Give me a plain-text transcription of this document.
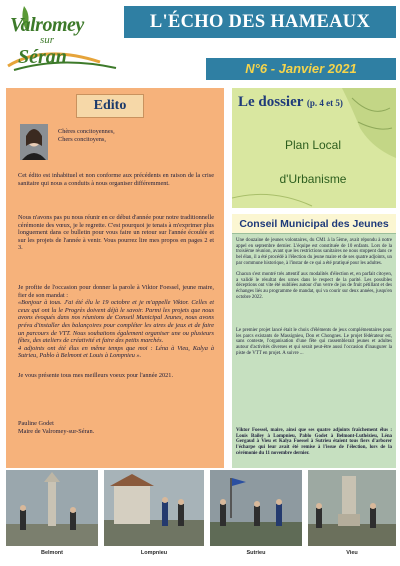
Valromey
sur
Séran
L'ÉCHO DES HAMEAUX
N°6 - Janvier 2021
Edito
Chères concitoyennes,
Chers concitoyens,
Cet édito est inhabituel et non conforme aux précédents en raison de la crise sanitaire qui nous a conduits à nous organiser différemment.
Nous n'avons pas pu nous réunir en ce début d'année pour notre traditionnelle cérémonie des vœux, je le regrette. C'est pourquoi je tenais à m'exprimer plus longuement dans ce bulletin pour vous faire un retour sur l'année écoulée et sur les projets de l'année à venir. Vous pourrez lire mes propos en pages 2 et 3.
Je profite de l'occasion pour donner la parole à Viktor Foessel, jeune maire, fier de son mandat :
«Bonjour à tous. J'ai été élu le 19 octobre et je m'appelle Viktor. Celles et ceux qui ont lu le Progrès doivent déjà le savoir. Parmi les projets que nous avons évoqués dans nos réunions de Conseil Municipal Jeunes, nous avons prévu d'installer des balançoires pour compléter les aires de jeux et de faire un parcours de VTT. Nous souhaitons également organiser une ou plusieurs fêtes, des ateliers de créativité et faire des petits marchés.
4 adjoints ont été élus en même temps que moi : Léna à Vieu, Kalya à Sutrieu, Pablo à Belmont et Louis à Lompnieu ».
Je vous présente tous mes meilleurs voeux pour l'année 2021.
Pauline Godet
Maire de Valromey-sur-Séran.
Le dossier (p. 4 et 5)
Plan Local
d'Urbanisme
Conseil Municipal des Jeunes
Une douzaine de jeunes volontaires, du CM1 à la 5ème, avait répondu à notre appel en septembre dernier. L'équipe est constituée de 10 enfants. Lors de la troisième réunion, avant que les restrictions sanitaires ne nous stoppent dans ce bel élan, il a été procédé à l'élection du jeune maire et de ses quatre adjoints, un par commune historique, à l'instar de ce qui a été pratiqué pour les adultes.
Chacun s'est montré très attentif aux modalités d'élection et, en parfait citoyen, a validé le résultat des urnes dans le respect de la parité. Les possibles déceptions ont vite été oubliées autour d'un verre de jus de fruit pétillant et des échanges liés au programme de mandat, qui va courir sur deux années, jusqu'en octobre 2022.
Le premier projet lancé était le choix d'éléments de jeux complémentaires pour les parcs existants de Massignieu, Don et Chongnes. Le projet fédérateur est, sans conteste, l'organisation d'une fête qui rassemblerait jeunes et adultes autour d'activités diverses et qui serait peut-être aussi l'occasion d'inaugurer la piste de VTT en projet. A suivre ...
Viktor Foessel, maire, ainsi que ses quatre adjoints fraîchement élus : Louis Bailey à Lompnieu, Pablo Godet à Belmont-Luthézieu, Léna Gergaud à Vieu et Kalya Foessel à Sutrieu étaient tous fiers d'arborer l'écharpe qui leur avait été remise à l'issue de l'élection, lors de la cérémonie du 11 novembre dernier.
Belmont	Lompnieu	Sutrieu	Vieu
